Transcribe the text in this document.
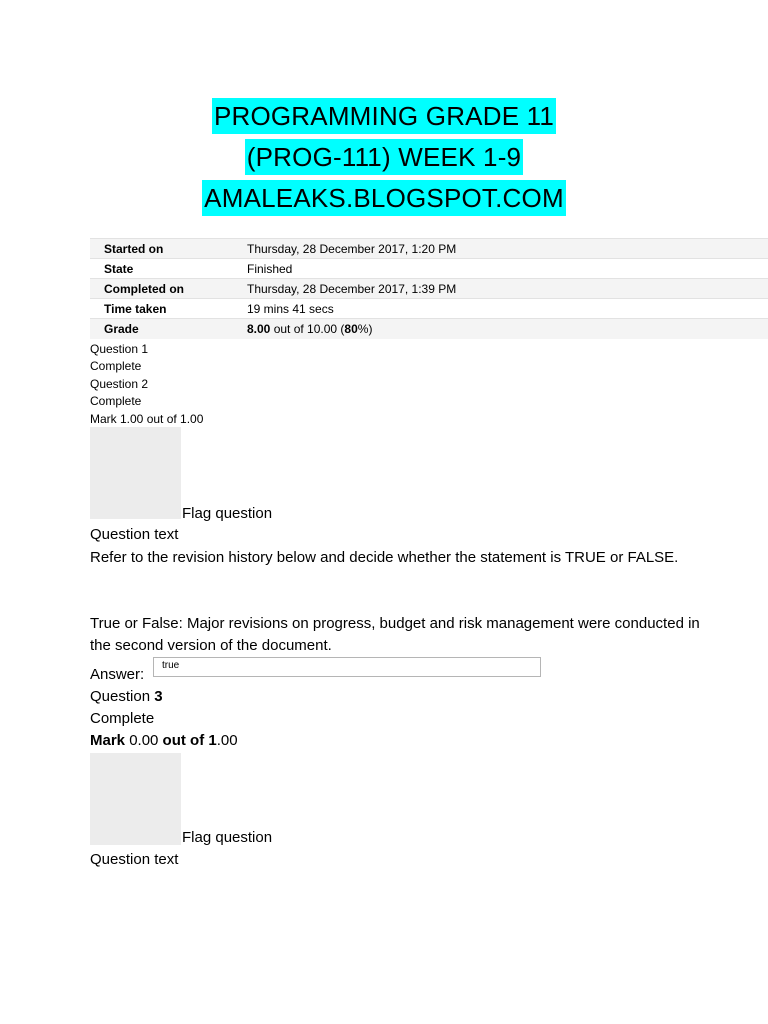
PROGRAMMING GRADE 11
(PROG-111) WEEK 1-9
AMALEAKS.BLOGSPOT.COM
Started on	Thursday, 28 December 2017, 1:20 PM
State	Finished
Completed on	Thursday, 28 December 2017, 1:39 PM
Time taken	19 mins 41 secs
Grade	8.00 out of 10.00 (80%)
Question 1
Complete
Question 2
Complete
Mark 1.00 out of 1.00
Flag question
Question text
Refer to the revision history below and decide whether the statement is TRUE or FALSE.
True or False: Major revisions on progress, budget and risk management were conducted in the second version of the document.
Answer:
true
Question 3
Complete
Mark 0.00 out of 1.00
Flag question
Question text
